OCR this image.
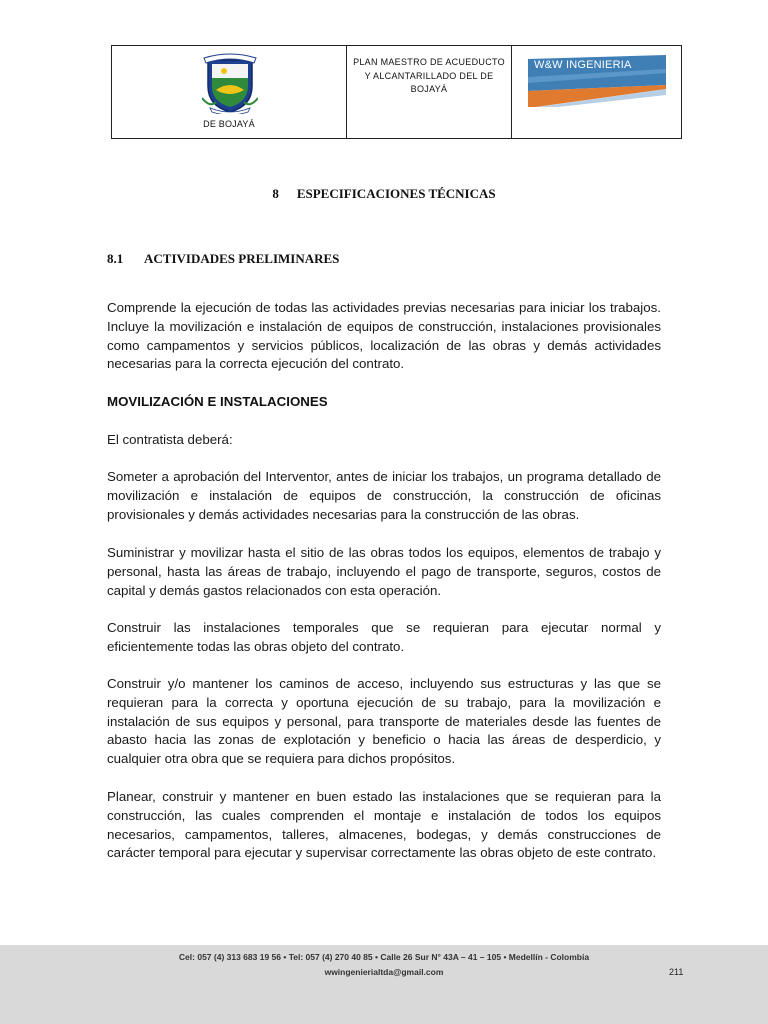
DE BOJAYÁ
PLAN MAESTRO DE ACUEDUCTO Y ALCANTARILLADO DEL DE BOJAYÁ
W&W INGENIERIA
8 ESPECIFICACIONES TÉCNICAS
8.1 ACTIVIDADES PRELIMINARES

Comprende la ejecución de todas las actividades previas necesarias para iniciar los trabajos. Incluye la movilización e instalación de equipos de construcción, instalaciones provisionales como campamentos y servicios públicos, localización de las obras y demás actividades necesarias para la correcta ejecución del contrato.

MOVILIZACIÓN E INSTALACIONES

El contratista deberá:

Someter a aprobación del Interventor, antes de iniciar los trabajos, un programa detallado de movilización e instalación de equipos de construcción, la construcción de oficinas provisionales y demás actividades necesarias para la construcción de las obras.

Suministrar y movilizar hasta el sitio de las obras todos los equipos, elementos de trabajo y personal, hasta las áreas de trabajo, incluyendo el pago de transporte, seguros, costos de capital y demás gastos relacionados con esta operación.

Construir las instalaciones temporales que se requieran para ejecutar normal y eficientemente todas las obras objeto del contrato.

Construir y/o mantener los caminos de acceso, incluyendo sus estructuras y las que se requieran para la correcta y oportuna ejecución de su trabajo, para la movilización e instalación de sus equipos y personal, para transporte de materiales desde las fuentes de abasto hacia las zonas de explotación y beneficio o hacia las áreas de desperdicio, y cualquier otra obra que se requiera para dichos propósitos.

Planear, construir y mantener en buen estado las instalaciones que se requieran para la construcción, las cuales comprenden el montaje e instalación de todos los equipos necesarios, campamentos, talleres, almacenes, bodegas, y demás construcciones de carácter temporal para ejecutar y supervisar correctamente las obras objeto de este contrato.

Cel: 057 (4) 313 683 19 56 • Tel: 057 (4) 270 40 85 • Calle 26 Sur N° 43A – 41 – 105 • Medellín - Colombia
wwingenierialtda@gmail.com	211
